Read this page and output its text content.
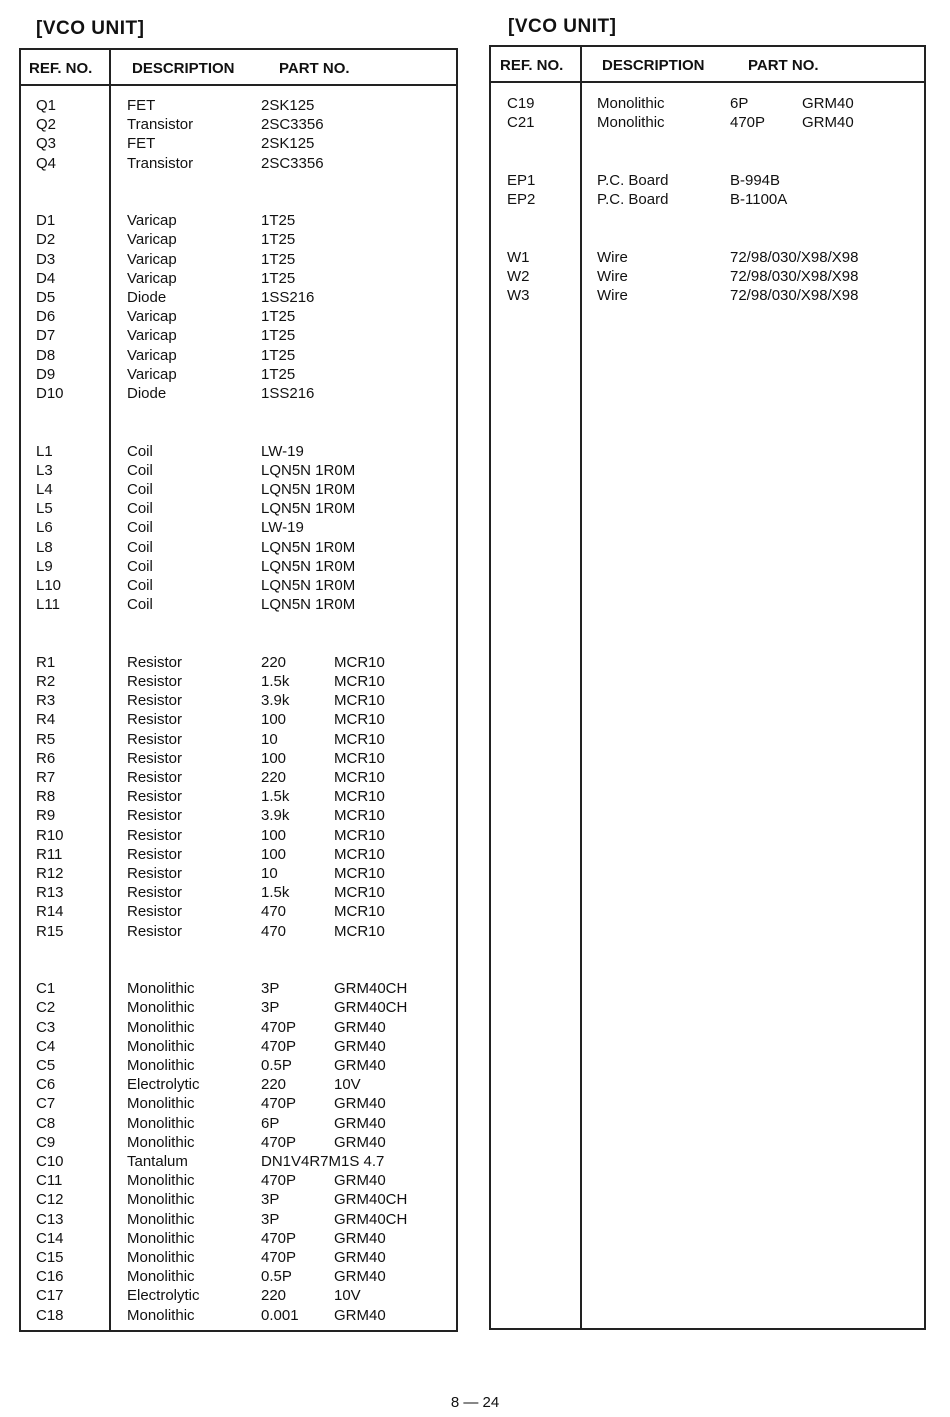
[VCO UNIT]
REF. NO.	DESCRIPTION	PART NO.
Q1	FET	2SK125
Q2	Transistor	2SC3356
Q3	FET	2SK125
Q4	Transistor	2SC3356
D1	Varicap	1T25
D2	Varicap	1T25
D3	Varicap	1T25
D4	Varicap	1T25
D5	Diode	1SS216
D6	Varicap	1T25
D7	Varicap	1T25
D8	Varicap	1T25
D9	Varicap	1T25
D10	Diode	1SS216
L1	Coil	LW-19
L3	Coil	LQN5N 1R0M
L4	Coil	LQN5N 1R0M
L5	Coil	LQN5N 1R0M
L6	Coil	LW-19
L8	Coil	LQN5N 1R0M
L9	Coil	LQN5N 1R0M
L10	Coil	LQN5N 1R0M
L11	Coil	LQN5N 1R0M
R1	Resistor	220	MCR10
R2	Resistor	1.5k	MCR10
R3	Resistor	3.9k	MCR10
R4	Resistor	100	MCR10
R5	Resistor	10	MCR10
R6	Resistor	100	MCR10
R7	Resistor	220	MCR10
R8	Resistor	1.5k	MCR10
R9	Resistor	3.9k	MCR10
R10	Resistor	100	MCR10
R11	Resistor	100	MCR10
R12	Resistor	10	MCR10
R13	Resistor	1.5k	MCR10
R14	Resistor	470	MCR10
R15	Resistor	470	MCR10
C1	Monolithic	3P	GRM40CH
C2	Monolithic	3P	GRM40CH
C3	Monolithic	470P	GRM40
C4	Monolithic	470P	GRM40
C5	Monolithic	0.5P	GRM40
C6	Electrolytic	220	10V
C7	Monolithic	470P	GRM40
C8	Monolithic	6P	GRM40
C9	Monolithic	470P	GRM40
C10	Tantalum	DN1V4R7M1S 4.7
C11	Monolithic	470P	GRM40
C12	Monolithic	3P	GRM40CH
C13	Monolithic	3P	GRM40CH
C14	Monolithic	470P	GRM40
C15	Monolithic	470P	GRM40
C16	Monolithic	0.5P	GRM40
C17	Electrolytic	220	10V
C18	Monolithic	0.001 GRM40
[VCO UNIT]
REF. NO.	DESCRIPTION	PART NO.
C19	Monolithic	6P	GRM40
C21	Monolithic	470P GRM40
EP1	P.C. Board	B-994B
EP2	P.C. Board	B-1100A
W1	Wire	72/98/030/X98/X98
W2	Wire	72/98/030/X98/X98
W3	Wire	72/98/030/X98/X98
8 — 24
